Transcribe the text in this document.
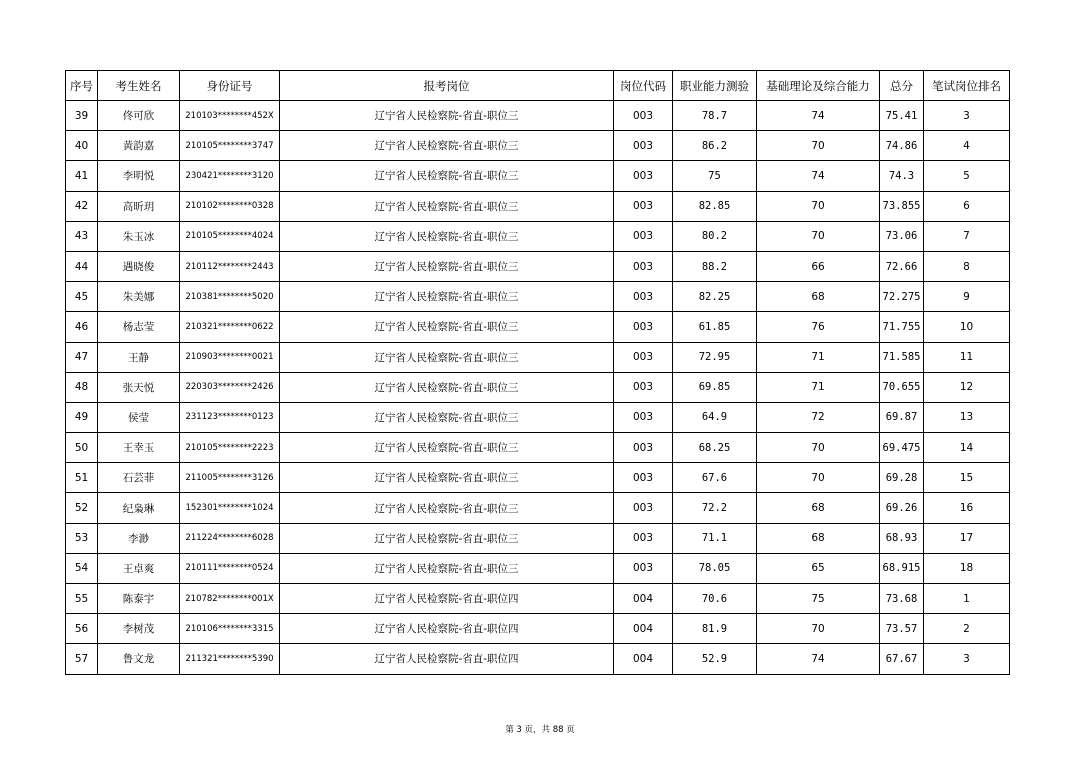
序号	考生姓名	身份证号	报考岗位	岗位代码	职业能力测验	基础理论及综合能力	总分	笔试岗位排名
39	佟可欣	210103********452X	辽宁省人民检察院-省直-职位三	003	78.7	74	75.41	3
40	黄韵嘉	210105********3747	辽宁省人民检察院-省直-职位三	003	86.2	70	74.86	4
41	李明悦	230421********3120	辽宁省人民检察院-省直-职位三	003	75	74	74.3	5
42	高昕玥	210102********0328	辽宁省人民检察院-省直-职位三	003	82.85	70	73.855	6
43	朱玉冰	210105********4024	辽宁省人民检察院-省直-职位三	003	80.2	70	73.06	7
44	遇晓俊	210112********2443	辽宁省人民检察院-省直-职位三	003	88.2	66	72.66	8
45	朱美娜	210381********5020	辽宁省人民检察院-省直-职位三	003	82.25	68	72.275	9
46	杨志莹	210321********0622	辽宁省人民检察院-省直-职位三	003	61.85	76	71.755	10
47	王静	210903********0021	辽宁省人民检察院-省直-职位三	003	72.95	71	71.585	11
48	张天悦	220303********2426	辽宁省人民检察院-省直-职位三	003	69.85	71	70.655	12
49	侯莹	231123********0123	辽宁省人民检察院-省直-职位三	003	64.9	72	69.87	13
50	王幸玉	210105********2223	辽宁省人民检察院-省直-职位三	003	68.25	70	69.475	14
51	石芸菲	211005********3126	辽宁省人民检察院-省直-职位三	003	67.6	70	69.28	15
52	纪枭琳	152301********1024	辽宁省人民检察院-省直-职位三	003	72.2	68	69.26	16
53	李渺	211224********6028	辽宁省人民检察院-省直-职位三	003	71.1	68	68.93	17
54	王卓爽	210111********0524	辽宁省人民检察院-省直-职位三	003	78.05	65	68.915	18
55	陈泰宇	210782********001X	辽宁省人民检察院-省直-职位四	004	70.6	75	73.68	1
56	李树茂	210106********3315	辽宁省人民检察院-省直-职位四	004	81.9	70	73.57	2
57	鲁文龙	211321********5390	辽宁省人民检察院-省直-职位四	004	52.9	74	67.67	3
第 3 页，共 88 页
